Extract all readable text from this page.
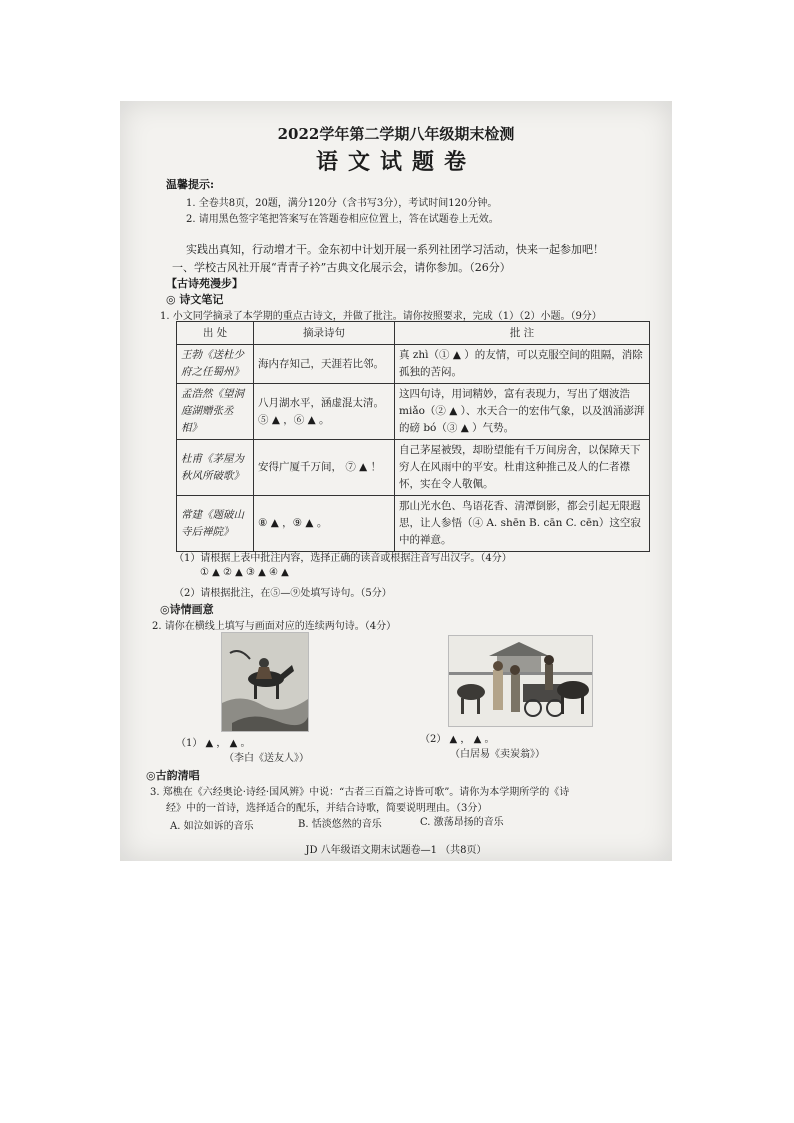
2022学年第二学期八年级期末检测
语文试题卷
温馨提示:
1. 全卷共8页，20题，满分120分（含书写3分），考试时间120分钟。
2. 请用黑色签字笔把答案写在答题卷相应位置上，答在试题卷上无效。
实践出真知，行动增才干。金东初中计划开展一系列社团学习活动，快来一起参加吧！
一、学校古风社开展“青青子衿”古典文化展示会，请你参加。（26分）
【古诗苑漫步】
◎ 诗文笔记
1. 小文同学摘录了本学期的重点古诗文，并做了批注。请你按照要求，完成（1）（2）小题。（9分）
出 处	摘录诗句	批 注
王勃《送杜少府之任蜀州》	海内存知己，天涯若比邻。	真 zhì（① ▲ ）的友情，可以克服空间的阻隔，消除孤独的苦闷。
孟浩然《望洞庭湖赠张丞相》	八月湖水平，涵虚混太清。 ⑤ ▲ ，⑥ ▲ 。	这四句诗，用词精妙，富有表现力，写出了烟波浩 miǎo（② ▲ ）、水天合一的宏伟气象，以及汹涌澎湃的磅 bó（③ ▲ ）气势。
杜甫《茅屋为秋风所破歌》	安得广厦千万间， ⑦ ▲ ！	自己茅屋被毁，却盼望能有千万间房舍，以保障天下穷人在风雨中的平安。杜甫这种推己及人的仁者襟怀，实在令人敬佩。
常建《题破山寺后禅院》	⑧ ▲ ，⑨ ▲ 。	那山光水色、鸟语花香、清潭倒影，都会引起无限遐思，让人参悟（④ A. shēn B. cān C. cēn）这空寂中的禅意。
（1）请根据上表中批注内容，选择正确的读音或根据注音写出汉字。（4分）
① ▲ ② ▲ ③ ▲ ④ ▲
（2）请根据批注，在⑤—⑨处填写诗句。（5分）
◎诗情画意
2. 请你在横线上填写与画面对应的连续两句诗。（4分）
（1） ▲ ， ▲ 。
（李白《送友人》）
（2） ▲ ， ▲ 。
（白居易《卖炭翁》）
◎古韵清唱
3. 郑樵在《六经奥论·诗经·国风辨》中说：“古者三百篇之诗皆可歌”。请你为本学期所学的《诗
经》中的一首诗，选择适合的配乐，并结合诗歌，简要说明理由。（3分）
A. 如泣如诉的音乐	B. 恬淡悠然的音乐	C. 激荡昂扬的音乐
JD 八年级语文期末试题卷—1 （共8页）
